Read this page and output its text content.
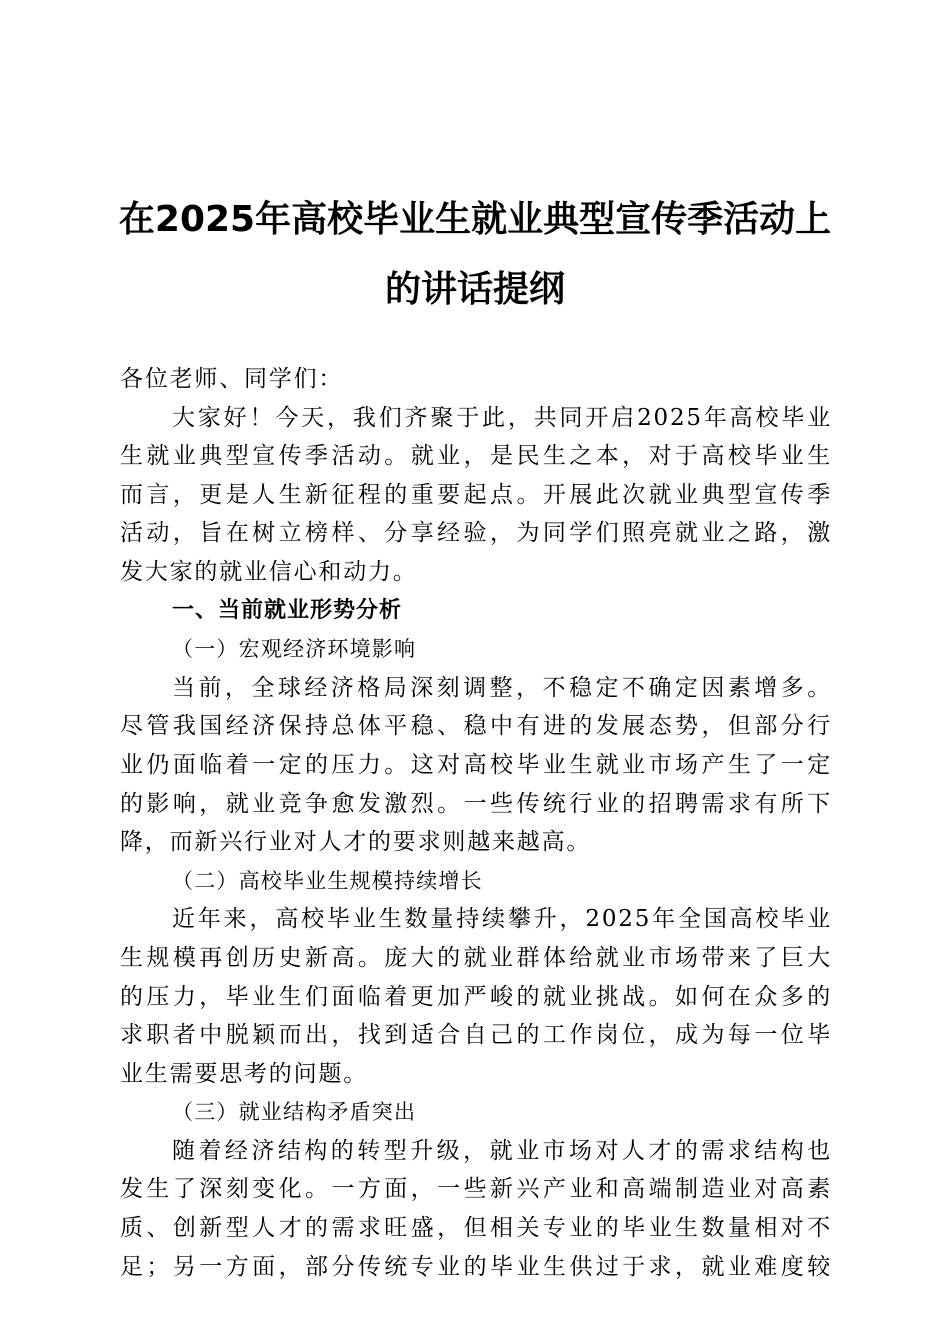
在2025年高校毕业生就业典型宣传季活动上
的讲话提纲
各位老师、同学们：
大家好！今天，我们齐聚于此，共同开启2025年高校毕业
生就业典型宣传季活动。就业，是民生之本，对于高校毕业生
而言，更是人生新征程的重要起点。开展此次就业典型宣传季
活动，旨在树立榜样、分享经验，为同学们照亮就业之路，激
发大家的就业信心和动力。
一、当前就业形势分析
（一）宏观经济环境影响
当前，全球经济格局深刻调整，不稳定不确定因素增多。
尽管我国经济保持总体平稳、稳中有进的发展态势，但部分行
业仍面临着一定的压力。这对高校毕业生就业市场产生了一定
的影响，就业竞争愈发激烈。一些传统行业的招聘需求有所下
降，而新兴行业对人才的要求则越来越高。
（二）高校毕业生规模持续增长
近年来，高校毕业生数量持续攀升，2025年全国高校毕业
生规模再创历史新高。庞大的就业群体给就业市场带来了巨大
的压力，毕业生们面临着更加严峻的就业挑战。如何在众多的
求职者中脱颖而出，找到适合自己的工作岗位，成为每一位毕
业生需要思考的问题。
（三）就业结构矛盾突出
随着经济结构的转型升级，就业市场对人才的需求结构也
发生了深刻变化。一方面，一些新兴产业和高端制造业对高素
质、创新型人才的需求旺盛，但相关专业的毕业生数量相对不
足；另一方面，部分传统专业的毕业生供过于求，就业难度较
